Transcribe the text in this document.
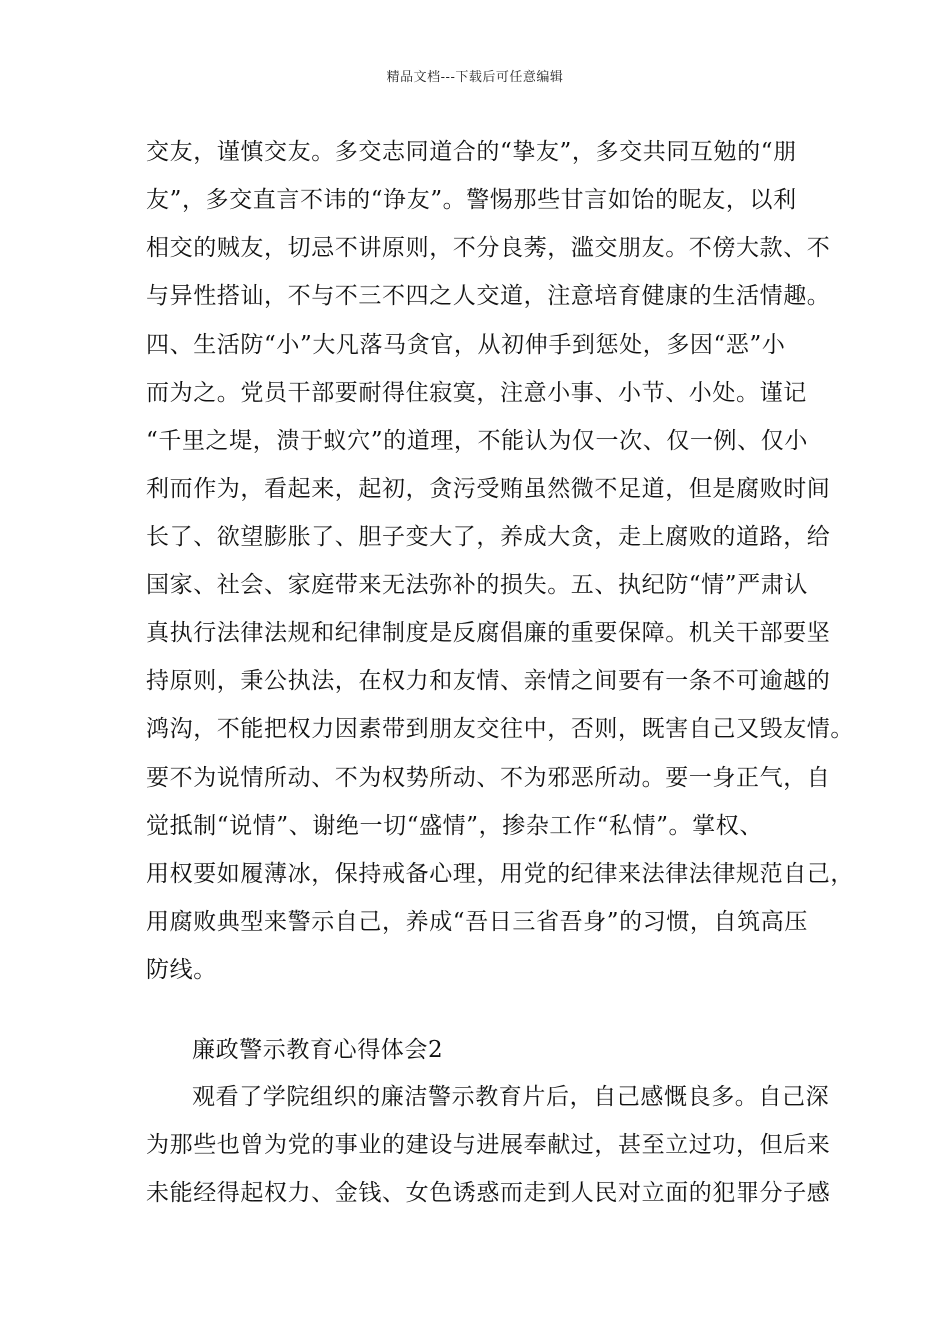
精品文档---下载后可任意编辑
交友，谨慎交友。多交志同道合的“挚友”，多交共同互勉的“朋
友”，多交直言不讳的“诤友”。警惕那些甘言如饴的昵友，以利
相交的贼友，切忌不讲原则，不分良莠，滥交朋友。不傍大款、不
与异性搭讪，不与不三不四之人交道，注意培育健康的生活情趣。
四、生活防“小”大凡落马贪官，从初伸手到惩处，多因“恶”小
而为之。党员干部要耐得住寂寞，注意小事、小节、小处。谨记
“千里之堤，溃于蚁穴”的道理，不能认为仅一次、仅一例、仅小
利而作为，看起来，起初，贪污受贿虽然微不足道，但是腐败时间
长了、欲望膨胀了、胆子变大了，养成大贪，走上腐败的道路，给
国家、社会、家庭带来无法弥补的损失。五、执纪防“情”严肃认
真执行法律法规和纪律制度是反腐倡廉的重要保障。机关干部要坚
持原则，秉公执法，在权力和友情、亲情之间要有一条不可逾越的
鸿沟，不能把权力因素带到朋友交往中，否则，既害自己又毁友情。
要不为说情所动、不为权势所动、不为邪恶所动。要一身正气，自
觉抵制“说情”、谢绝一切“盛情”，掺杂工作“私情”。掌权、
用权要如履薄冰，保持戒备心理，用党的纪律来法律法律规范自己，
用腐败典型来警示自己，养成“吾日三省吾身”的习惯，自筑高压
防线。
廉政警示教育心得体会2
观看了学院组织的廉洁警示教育片后，自己感慨良多。自己深
为那些也曾为党的事业的建设与进展奉献过，甚至立过功，但后来
未能经得起权力、金钱、女色诱惑而走到人民对立面的犯罪分子感
